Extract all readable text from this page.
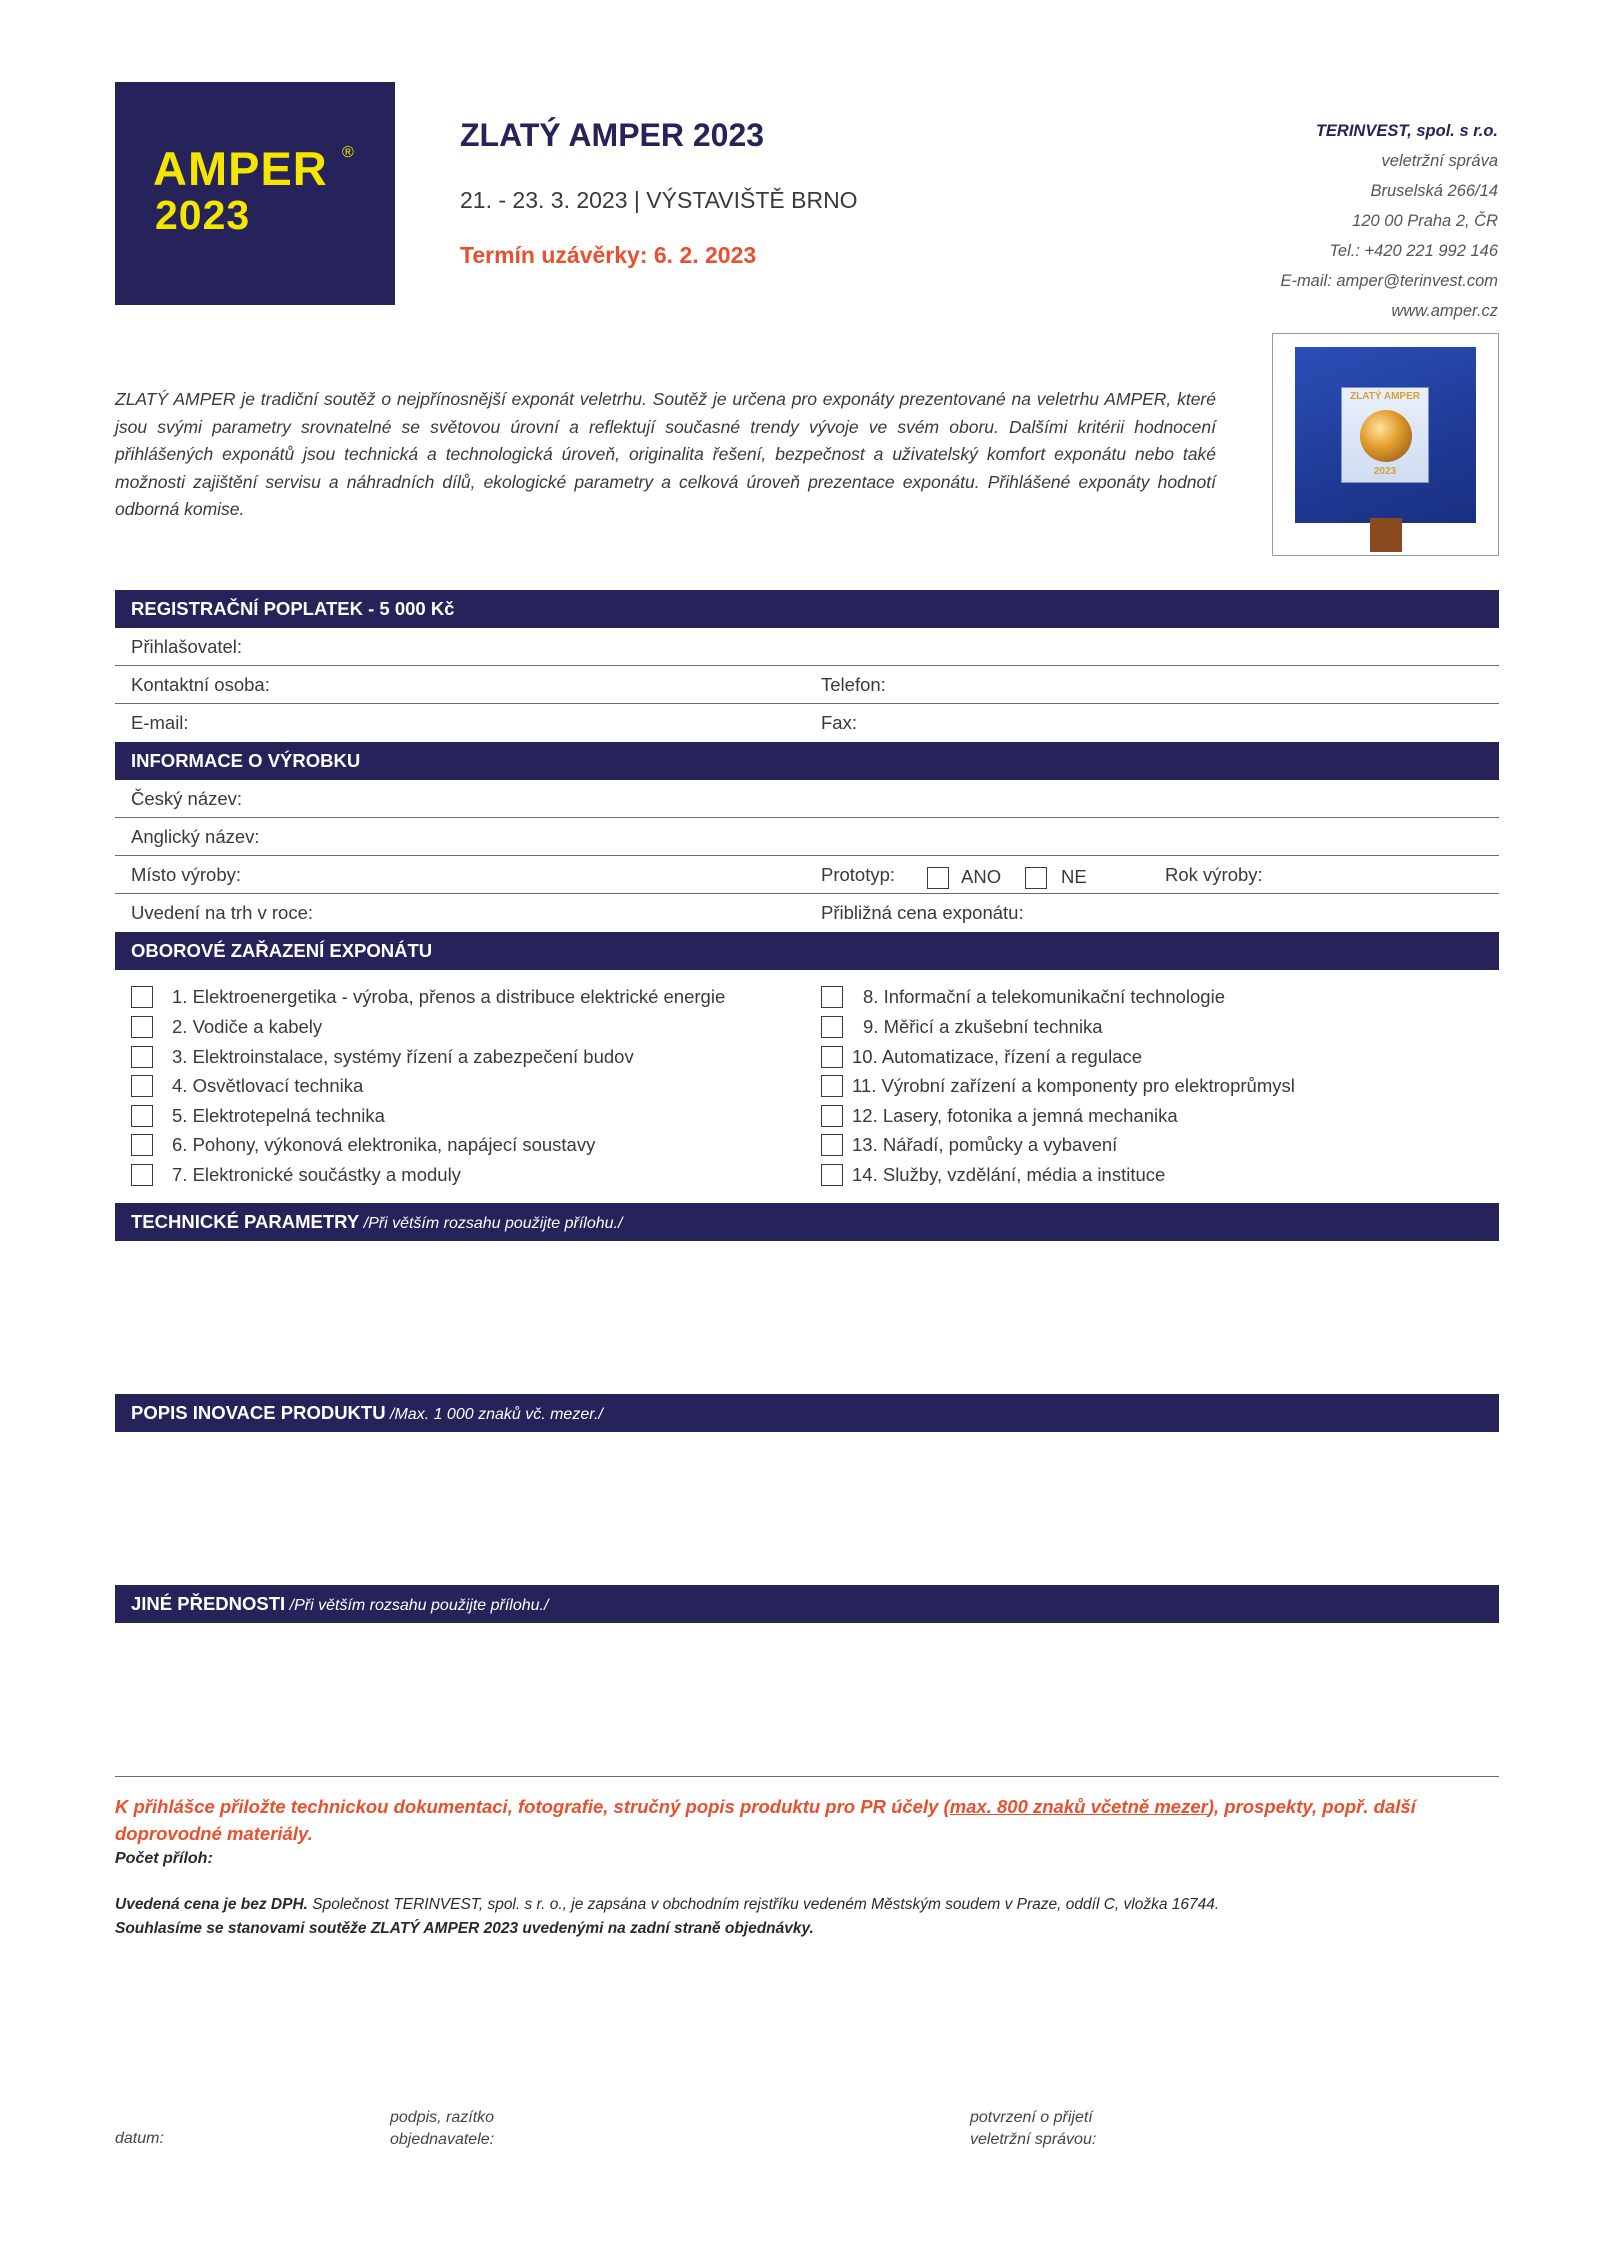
AMPER ®
2023
ZLATÝ AMPER 2023
21. - 23. 3. 2023 | VÝSTAVIŠTĚ BRNO
Termín uzávěrky: 6. 2. 2023
TERINVEST, spol. s r.o.
veletržní správa
Bruselská 266/14
120 00 Praha 2, ČR
Tel.: +420 221 992 146
E-mail: amper@terinvest.com
www.amper.cz
ZLATÝ AMPER je tradiční soutěž o nejpřínosnější exponát veletrhu. Soutěž je určena pro exponáty prezentované na veletrhu AMPER, které jsou svými parametry srovnatelné se světovou úrovní a reflektují současné trendy vývoje ve svém oboru. Dalšími kritérii hodnocení přihlášených exponátů jsou technická a technologická úroveň, originalita řešení, bezpečnost a uživatelský komfort exponátu nebo také možnosti zajištění servisu a náhradních dílů, ekologické parametry a celková úroveň prezentace exponátu. Přihlášené exponáty hodnotí odborná komise.
ZLATÝ AMPER
2023
REGISTRAČNÍ POPLATEK - 5 000 Kč
Přihlašovatel:
Kontaktní osoba:	Telefon:
E-mail:	Fax:
INFORMACE O VÝROBKU
Český název:
Anglický název:
Místo výroby:	Prototyp:	ANO	NE	Rok výroby:
Uvedení na trh v roce:	Přibližná cena exponátu:
OBOROVÉ ZAŘAZENÍ EXPONÁTU
1. Elektroenergetika - výroba, přenos a distribuce elektrické energie
2. Vodiče a kabely
3. Elektroinstalace, systémy řízení a zabezpečení budov
4. Osvětlovací technika
5. Elektrotepelná technika
6. Pohony, výkonová elektronika, napájecí soustavy
7. Elektronické součástky a moduly
8. Informační a telekomunikační technologie
9. Měřicí a zkušební technika
10. Automatizace, řízení a regulace
11. Výrobní zařízení a komponenty pro elektroprůmysl
12. Lasery, fotonika a jemná mechanika
13. Nářadí, pomůcky a vybavení
14. Služby, vzdělání, média a instituce
TECHNICKÉ PARAMETRY /Při větším rozsahu použijte přílohu./
POPIS INOVACE PRODUKTU /Max. 1 000 znaků vč. mezer./
JINÉ PŘEDNOSTI /Při větším rozsahu použijte přílohu./
K přihlášce přiložte technickou dokumentaci, fotografie, stručný popis produktu pro PR účely (max. 800 znaků včetně mezer), prospekty, popř. další doprovodné materiály.
Počet příloh:
Uvedená cena je bez DPH. Společnost TERINVEST, spol. s r. o., je zapsána v obchodním rejstříku vedeném Městským soudem v Praze, oddíl C, vložka 16744.
Souhlasíme se stanovami soutěže ZLATÝ AMPER 2023 uvedenými na zadní straně objednávky.
datum:
podpis, razítko
objednavatele:
potvrzení o přijetí
veletržní správou:
